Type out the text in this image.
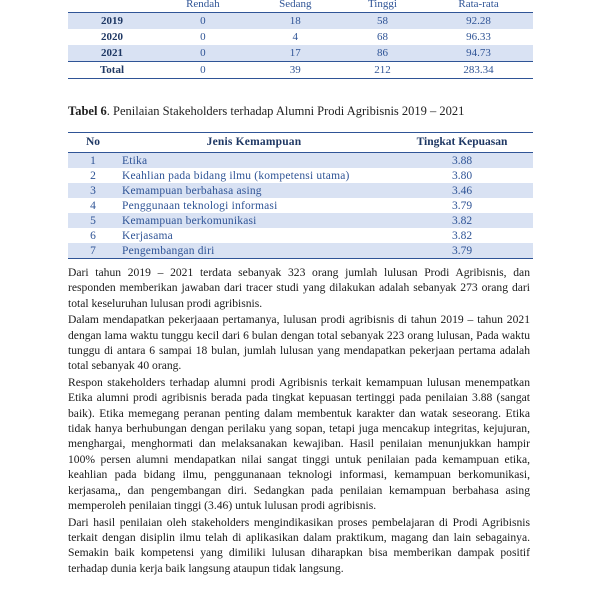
	Rendah	Sedang	Tinggi	Rata-rata
2019	0	18	58	92.28
2020	0	4	68	96.33
2021	0	17	86	94.73
Total	0	39	212	283.34
Tabel 6. Penilaian Stakeholders terhadap Alumni Prodi Agribisnis 2019 – 2021
No	Jenis Kemampuan	Tingkat Kepuasan
1	Etika	3.88
2	Keahlian pada bidang ilmu (kompetensi utama)	3.80
3	Kemampuan berbahasa asing	3.46
4	Penggunaan teknologi informasi	3.79
5	Kemampuan berkomunikasi	3.82
6	Kerjasama	3.82
7	Pengembangan diri	3.79

Dari tahun 2019 – 2021 terdata sebanyak 323 orang jumlah lulusan Prodi Agribisnis, dan responden memberikan jawaban dari tracer studi yang dilakukan adalah sebanyak 273 orang dari total keseluruhan lulusan prodi agribisnis.

Dalam mendapatkan pekerjaaan pertamanya, lulusan prodi agribisnis di tahun 2019 – tahun 2021 dengan lama waktu tunggu kecil dari 6 bulan dengan total sebanyak 223 orang lulusan, Pada waktu tunggu di antara 6 sampai 18 bulan, jumlah lulusan yang mendapatkan pekerjaan pertama adalah total sebanyak 40 orang.

Respon stakeholders terhadap alumni prodi Agribisnis terkait kemampuan lulusan menempatkan Etika alumni prodi agribisnis berada pada tingkat kepuasan tertinggi pada penilaian 3.88 (sangat baik). Etika memegang peranan penting dalam membentuk karakter dan watak seseorang. Etika tidak hanya berhubungan dengan perilaku yang sopan, tetapi juga mencakup integritas, kejujuran, menghargai, menghormati dan melaksanakan kewajiban. Hasil penilaian menunjukkan hampir 100% persen alumni mendapatkan nilai sangat tinggi untuk penilaian pada kemampuan etika, keahlian pada bidang ilmu, penggunanaan teknologi informasi, kemampuan berkomunikasi, kerjasama,, dan pengembangan diri. Sedangkan pada penilaian kemampuan berbahasa asing memperoleh penilaian tinggi (3.46) untuk lulusan prodi agribisnis.

Dari hasil penilaian oleh stakeholders mengindikasikan proses pembelajaran di Prodi Agribisnis terkait dengan disiplin ilmu telah di aplikasikan dalam praktikum, magang dan lain sebagainya. Semakin baik kompetensi yang dimiliki lulusan diharapkan bisa memberikan dampak positif terhadap dunia kerja baik langsung ataupun tidak langsung.
